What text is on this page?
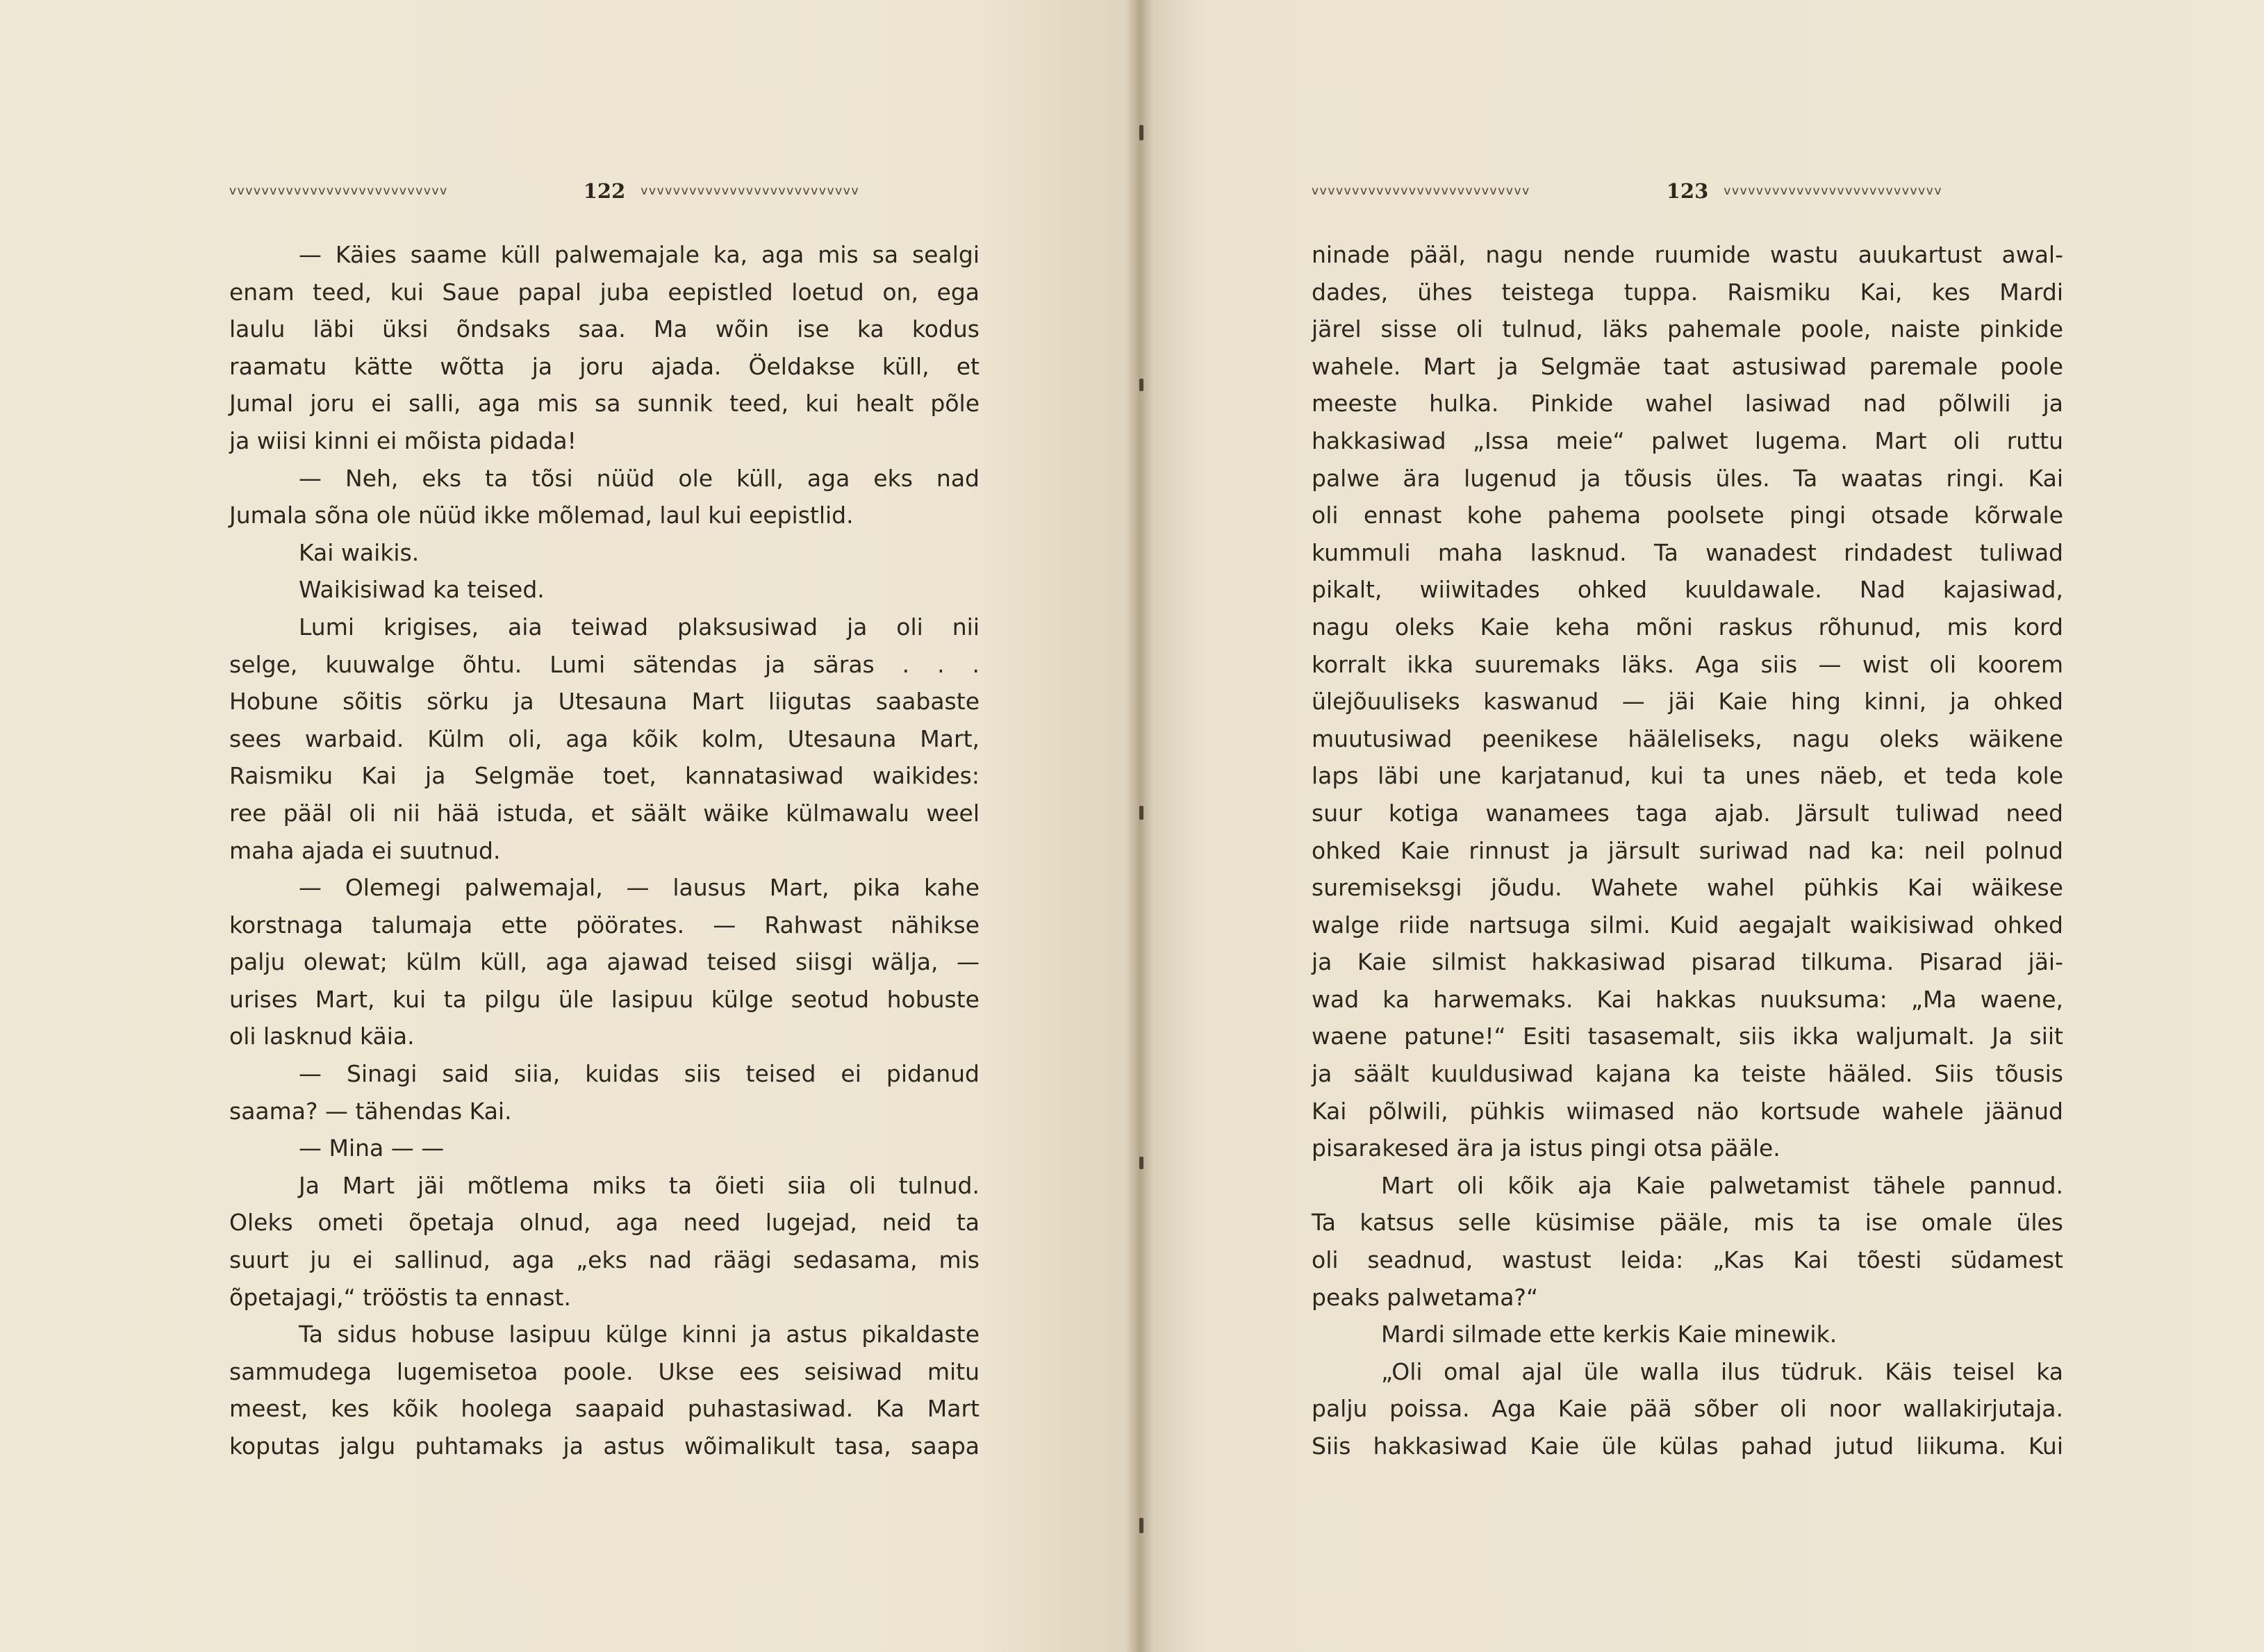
vvvvvvvvvvvvvvvvvvvvvvvvvvv	122	vvvvvvvvvvvvvvvvvvvvvvvvvvv
— Käies saame küll palwemajale ka, aga mis sa sealgi
enam teed, kui Saue papal juba eepistled loetud on, ega
laulu läbi üksi õndsaks saa. Ma wõin ise ka kodus
raamatu kätte wõtta ja joru ajada. Öeldakse küll, et
Jumal joru ei salli, aga mis sa sunnik teed, kui healt põle
ja wiisi kinni ei mõista pidada!
— Neh, eks ta tõsi nüüd ole küll, aga eks nad
Jumala sõna ole nüüd ikke mõlemad, laul kui eepistlid.
Kai waikis.
Waikisiwad ka teised.
Lumi krigises, aia teiwad plaksusiwad ja oli nii
selge, kuuwalge õhtu. Lumi sätendas ja säras . . .
Hobune sõitis sörku ja Utesauna Mart liigutas saabaste
sees warbaid. Külm oli, aga kõik kolm, Utesauna Mart,
Raismiku Kai ja Selgmäe toet, kannatasiwad waikides:
ree pääl oli nii hää istuda, et säält wäike külmawalu weel
maha ajada ei suutnud.
— Olemegi palwemajal, — lausus Mart, pika kahe
korstnaga talumaja ette pöörates. — Rahwast nähikse
palju olewat; külm küll, aga ajawad teised siisgi wälja, —
urises Mart, kui ta pilgu üle lasipuu külge seotud hobuste
oli lasknud käia.
— Sinagi said siia, kuidas siis teised ei pidanud
saama? — tähendas Kai.
— Mina — —
Ja Mart jäi mõtlema miks ta õieti siia oli tulnud.
Oleks ometi õpetaja olnud, aga need lugejad, neid ta
suurt ju ei sallinud, aga „eks nad räägi sedasama, mis
õpetajagi,“ trööstis ta ennast.
Ta sidus hobuse lasipuu külge kinni ja astus pikaldaste
sammudega lugemisetoa poole. Ukse ees seisiwad mitu
meest, kes kõik hoolega saapaid puhastasiwad. Ka Mart
koputas jalgu puhtamaks ja astus wõimalikult tasa, saapa
vvvvvvvvvvvvvvvvvvvvvvvvvvv	123	vvvvvvvvvvvvvvvvvvvvvvvvvvv
ninade pääl, nagu nende ruumide wastu auukartust awal-
dades, ühes teistega tuppa. Raismiku Kai, kes Mardi
järel sisse oli tulnud, läks pahemale poole, naiste pinkide
wahele. Mart ja Selgmäe taat astusiwad paremale poole
meeste hulka. Pinkide wahel lasiwad nad põlwili ja
hakkasiwad „Issa meie“ palwet lugema. Mart oli ruttu
palwe ära lugenud ja tõusis üles. Ta waatas ringi. Kai
oli ennast kohe pahema poolsete pingi otsade kõrwale
kummuli maha lasknud. Ta wanadest rindadest tuliwad
pikalt, wiiwitades ohked kuuldawale. Nad kajasiwad,
nagu oleks Kaie keha mõni raskus rõhunud, mis kord
korralt ikka suuremaks läks. Aga siis — wist oli koorem
ülejõuuliseks kaswanud — jäi Kaie hing kinni, ja ohked
muutusiwad peenikese hääleliseks, nagu oleks wäikene
laps läbi une karjatanud, kui ta unes näeb, et teda kole
suur kotiga wanamees taga ajab. Järsult tuliwad need
ohked Kaie rinnust ja järsult suriwad nad ka: neil polnud
suremiseksgi jõudu. Wahete wahel pühkis Kai wäikese
walge riide nartsuga silmi. Kuid aegajalt waikisiwad ohked
ja Kaie silmist hakkasiwad pisarad tilkuma. Pisarad jäi-
wad ka harwemaks. Kai hakkas nuuksuma: „Ma waene,
waene patune!“ Esiti tasasemalt, siis ikka waljumalt. Ja siit
ja säält kuuldusiwad kajana ka teiste hääled. Siis tõusis
Kai põlwili, pühkis wiimased näo kortsude wahele jäänud
pisarakesed ära ja istus pingi otsa pääle.
Mart oli kõik aja Kaie palwetamist tähele pannud.
Ta katsus selle küsimise pääle, mis ta ise omale üles
oli seadnud, wastust leida: „Kas Kai tõesti südamest
peaks palwetama?“
Mardi silmade ette kerkis Kaie minewik.
„Oli omal ajal üle walla ilus tüdruk. Käis teisel ka
palju poissa. Aga Kaie pää sõber oli noor wallakirjutaja.
Siis hakkasiwad Kaie üle külas pahad jutud liikuma. Kui
